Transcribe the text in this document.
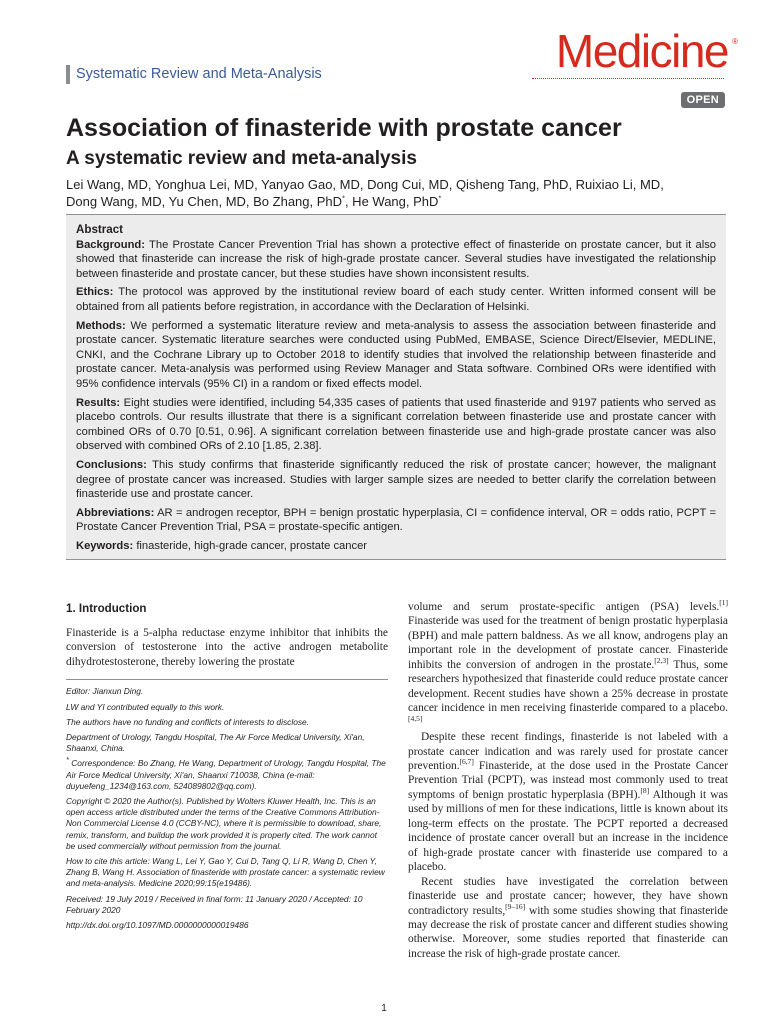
Systematic Review and Meta-Analysis	Medicine ®
OPEN
Association of finasteride with prostate cancer
A systematic review and meta-analysis
Lei Wang, MD, Yonghua Lei, MD, Yanyao Gao, MD, Dong Cui, MD, Qisheng Tang, PhD, Ruixiao Li, MD,
Dong Wang, MD, Yu Chen, MD, Bo Zhang, PhD*, He Wang, PhD*
Abstract

Background: The Prostate Cancer Prevention Trial has shown a protective effect of finasteride on prostate cancer, but it also showed that finasteride can increase the risk of high-grade prostate cancer. Several studies have investigated the relationship between finasteride and prostate cancer, but these studies have shown inconsistent results.

Ethics: The protocol was approved by the institutional review board of each study center. Written informed consent will be obtained from all patients before registration, in accordance with the Declaration of Helsinki.

Methods: We performed a systematic literature review and meta-analysis to assess the association between finasteride and prostate cancer. Systematic literature searches were conducted using PubMed, EMBASE, Science Direct/Elsevier, MEDLINE, CNKI, and the Cochrane Library up to October 2018 to identify studies that involved the relationship between finasteride and prostate cancer. Meta-analysis was performed using Review Manager and Stata software. Combined ORs were identified with 95% confidence intervals (95% CI) in a random or fixed effects model.

Results: Eight studies were identified, including 54,335 cases of patients that used finasteride and 9197 patients who served as placebo controls. Our results illustrate that there is a significant correlation between finasteride use and prostate cancer with combined ORs of 0.70 [0.51, 0.96]. A significant correlation between finasteride use and high-grade prostate cancer was also observed with combined ORs of 2.10 [1.85, 2.38].

Conclusions: This study confirms that finasteride significantly reduced the risk of prostate cancer; however, the malignant degree of prostate cancer was increased. Studies with larger sample sizes are needed to better clarify the correlation between finasteride use and prostate cancer.

Abbreviations: AR = androgen receptor, BPH = benign prostatic hyperplasia, CI = confidence interval, OR = odds ratio, PCPT = Prostate Cancer Prevention Trial, PSA = prostate-specific antigen.

Keywords: finasteride, high-grade cancer, prostate cancer

1. Introduction

Finasteride is a 5-alpha reductase enzyme inhibitor that inhibits the conversion of testosterone into the active androgen metabolite dihydrotestosterone, thereby lowering the prostate

Editor: Jianxun Ding.

LW and YI contributed equally to this work.

The authors have no funding and conflicts of interests to disclose.

Department of Urology, Tangdu Hospital, The Air Force Medical University, Xi'an, Shaanxi, China.

* Correspondence: Bo Zhang, He Wang, Department of Urology, Tangdu Hospital, The Air Force Medical University, Xi'an, Shaanxi 710038, China (e-mail: duyuefeng_1234@163.com, 524089802@qq.com).

Copyright © 2020 the Author(s). Published by Wolters Kluwer Health, Inc. This is an open access article distributed under the terms of the Creative Commons Attribution-Non Commercial License 4.0 (CCBY-NC), where it is permissible to download, share, remix, transform, and buildup the work provided it is properly cited. The work cannot be used commercially without permission from the journal.

How to cite this article: Wang L, Lei Y, Gao Y, Cui D, Tang Q, Li R, Wang D, Chen Y, Zhang B, Wang H. Association of finasteride with prostate cancer: a systematic review and meta-analysis. Medicine 2020;99:15(e19486).

Received: 19 July 2019 / Received in final form: 11 January 2020 / Accepted: 10 February 2020

http://dx.doi.org/10.1097/MD.0000000000019486

volume and serum prostate-specific antigen (PSA) levels.[1] Finasteride was used for the treatment of benign prostatic hyperplasia (BPH) and male pattern baldness. As we all know, androgens play an important role in the development of prostate cancer. Finasteride inhibits the conversion of androgen in the prostate.[2,3] Thus, some researchers hypothesized that finasteride could reduce prostate cancer development. Recent studies have shown a 25% decrease in prostate cancer incidence in men receiving finasteride compared to a placebo.[4,5]

Despite these recent findings, finasteride is not labeled with a prostate cancer indication and was rarely used for prostate cancer prevention.[6,7] Finasteride, at the dose used in the Prostate Cancer Prevention Trial (PCPT), was instead most commonly used to treat symptoms of benign prostatic hyperplasia (BPH).[8] Although it was used by millions of men for these indications, little is known about its long-term effects on the prostate. The PCPT reported a decreased incidence of prostate cancer overall but an increase in the incidence of high-grade prostate cancer with finasteride use compared to a placebo.

Recent studies have investigated the correlation between finasteride use and prostate cancer; however, they have shown contradictory results,[9–16] with some studies showing that finasteride may decrease the risk of prostate cancer and different studies showing otherwise. Moreover, some studies reported that finasteride can increase the risk of high-grade prostate cancer.

1
